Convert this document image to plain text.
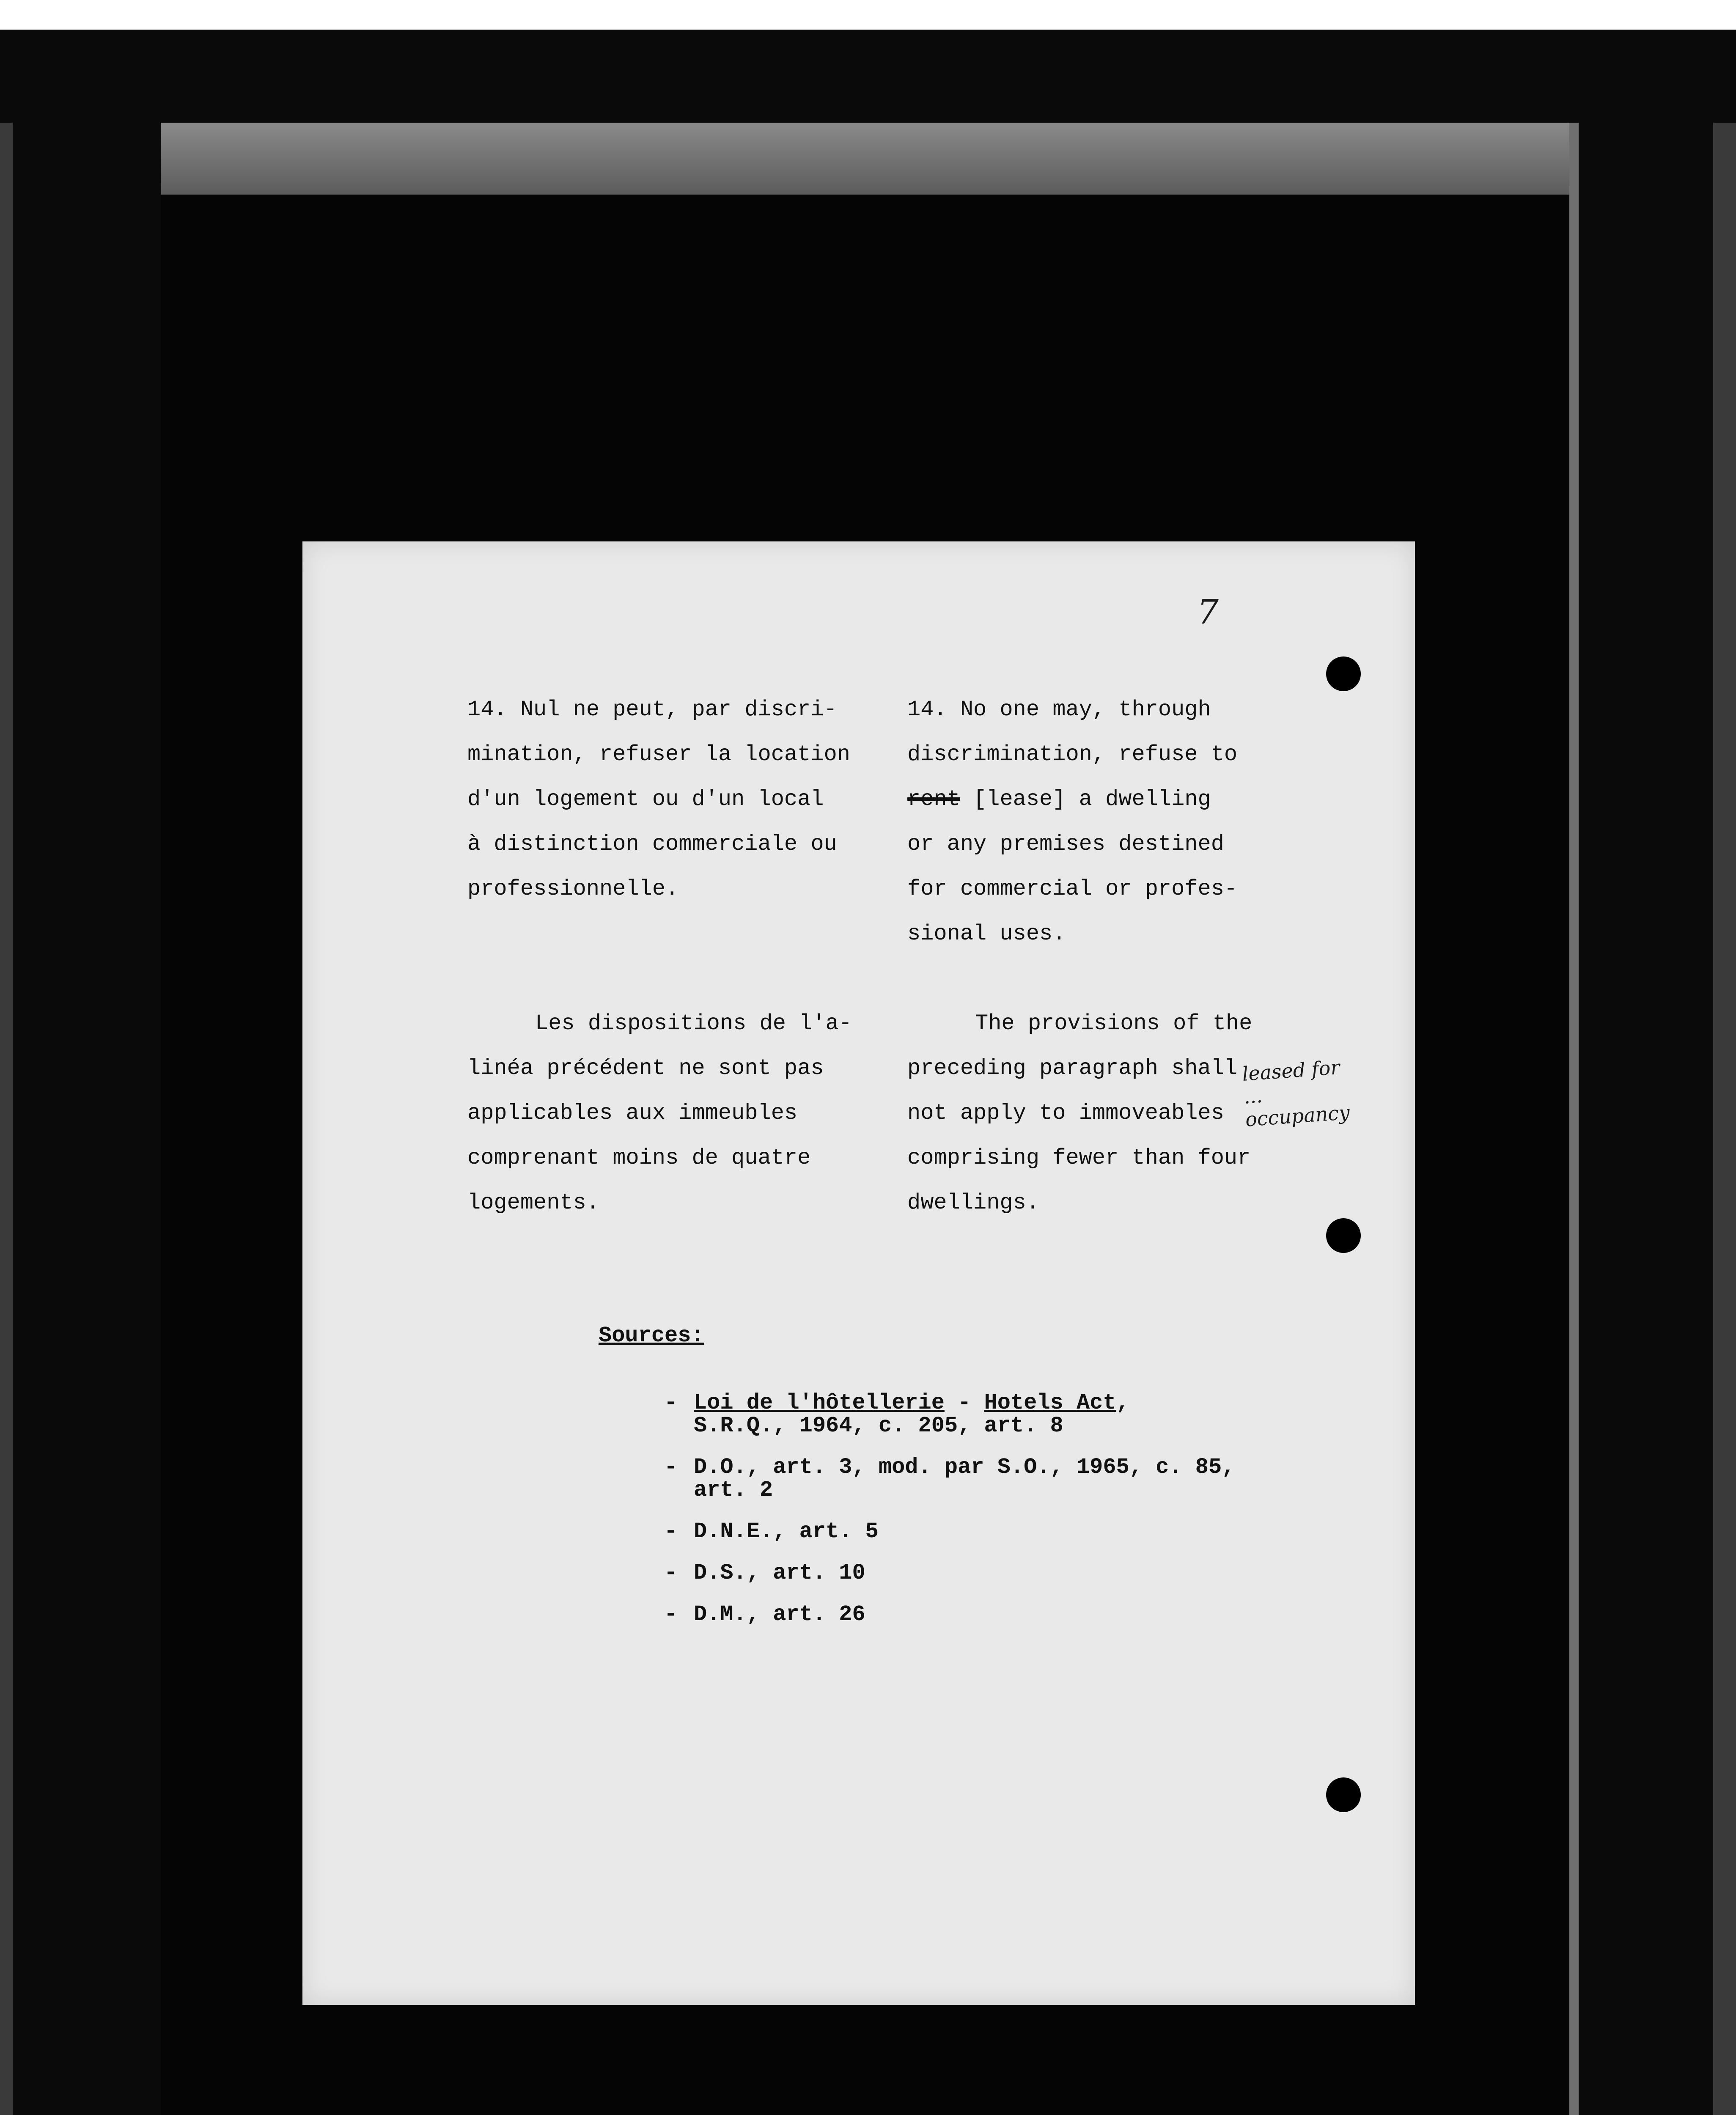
7

14. Nul ne peut, par discri-
mination, refuser la location
d'un logement ou d'un local
à distinction commerciale ou
professionnelle.

Les dispositions de l'a-
linéa précédent ne sont pas
applicables aux immeubles
comprenant moins de quatre
logements.

14. No one may, through
discrimination, refuse to
rent [lease] a dwelling
or any premises destined
for commercial or profes-
sional uses.

The provisions of the
preceding paragraph shall
not apply to immoveables
comprising fewer than four
dwellings.

leased for
...
occupancy
Sources:
- Loi de l'hôtellerie - Hotels Act,
S.R.Q., 1964, c. 205, art. 8
- D.O., art. 3, mod. par S.O., 1965, c. 85,
art. 2
- D.N.E., art. 5
- D.S., art. 10
- D.M., art. 26
